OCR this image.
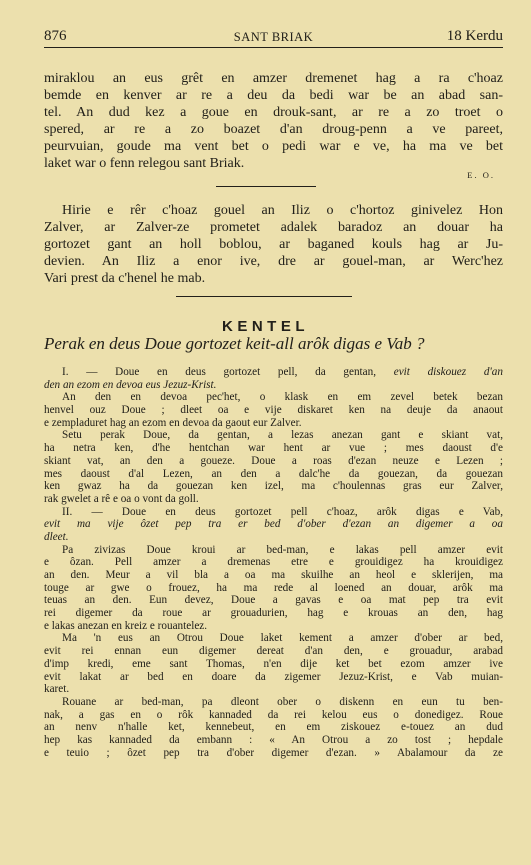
876	SANT BRIAK	18 Kerdu
miraklou an eus grêt en amzer dremenet hag a ra c'hoaz
bemde en kenver ar re a deu da bedi war be an abad san-
tel. An dud kez a goue en drouk-sant, ar re a zo troet o
spered, ar re a zo boazet d'an droug-penn a ve pareet,
peurvuian, goude ma vent bet o pedi war e ve, ha ma ve bet
laket war o fenn relegou sant Briak.
E. O.
Hirie e rêr c'hoaz gouel an Iliz o c'hortoz ginivelez Hon
Zalver, ar Zalver-ze prometet adalek baradoz an douar ha
gortozet gant an holl boblou, ar baganed kouls hag ar Ju-
devien. An Iliz a enor ive, dre ar gouel-man, ar Werc'hez
Vari prest da c'henel he mab.
KENTEL
Perak en deus Doue gortozet keit-all arôk digas e Vab ?
I. — Doue en deus gortozet pell, da gentan, evit diskouez d'an
den an ezom en devoa eus Jezuz-Krist.
An den en devoa pec'het, o klask en em zevel betek bezan
henvel ouz Doue ; dleet oa e vije diskaret ken na deuje da anaout
e zempladuret hag an ezom en devoa da gaout eur Zalver.
Setu perak Doue, da gentan, a lezas anezan gant e skiant vat,
ha netra ken, d'he hentchan war hent ar vue ; mes daoust d'e
skiant vat, an den a goueze. Doue a roas d'ezan neuze e Lezen ;
mes daoust d'al Lezen, an den a dalc'he da gouezan, da gouezan
ken gwaz ha da gouezan ken izel, ma c'houlennas gras eur Zalver,
rak gwelet a rê e oa o vont da goll.
II. — Doue en deus gortozet pell c'hoaz, arôk digas e Vab,
evit ma vije ôzet pep tra er bed d'ober d'ezan an digemer a oa
dleet.
Pa zivizas Doue kroui ar bed-man, e lakas pell amzer evit
e ôzan. Pell amzer a dremenas etre e grouidigez ha krouidigez
an den. Meur a vil bla a oa ma skuilhe an heol e sklerijen, ma
touge ar gwe o frouez, ha ma rede al loened an douar, arôk ma
teuas an den. Eun devez, Doue a gavas e oa mat pep tra evit
rei digemer da roue ar grouadurien, hag e krouas an den, hag
e lakas anezan en kreiz e rouantelez.
Ma 'n eus an Otrou Doue laket kement a amzer d'ober ar bed,
evit rei ennan eun digemer dereat d'an den, e grouadur, arabad
d'imp kredi, eme sant Thomas, n'en dije ket bet ezom amzer ive
evit lakat ar bed en doare da zigemer Jezuz-Krist, e Vab muian-
karet.
Rouane ar bed-man, pa dleont ober o diskenn en eun tu ben-
nak, a gas en o rôk kannaded da rei kelou eus o donedigez. Roue
an nenv n'halle ket, kennebeut, en em ziskouez e-touez an dud
hep kas kannaded da embann : « An Otrou a zo tost ; hepdale
e teuio ; ôzet pep tra d'ober digemer d'ezan. » Abalamour da ze
